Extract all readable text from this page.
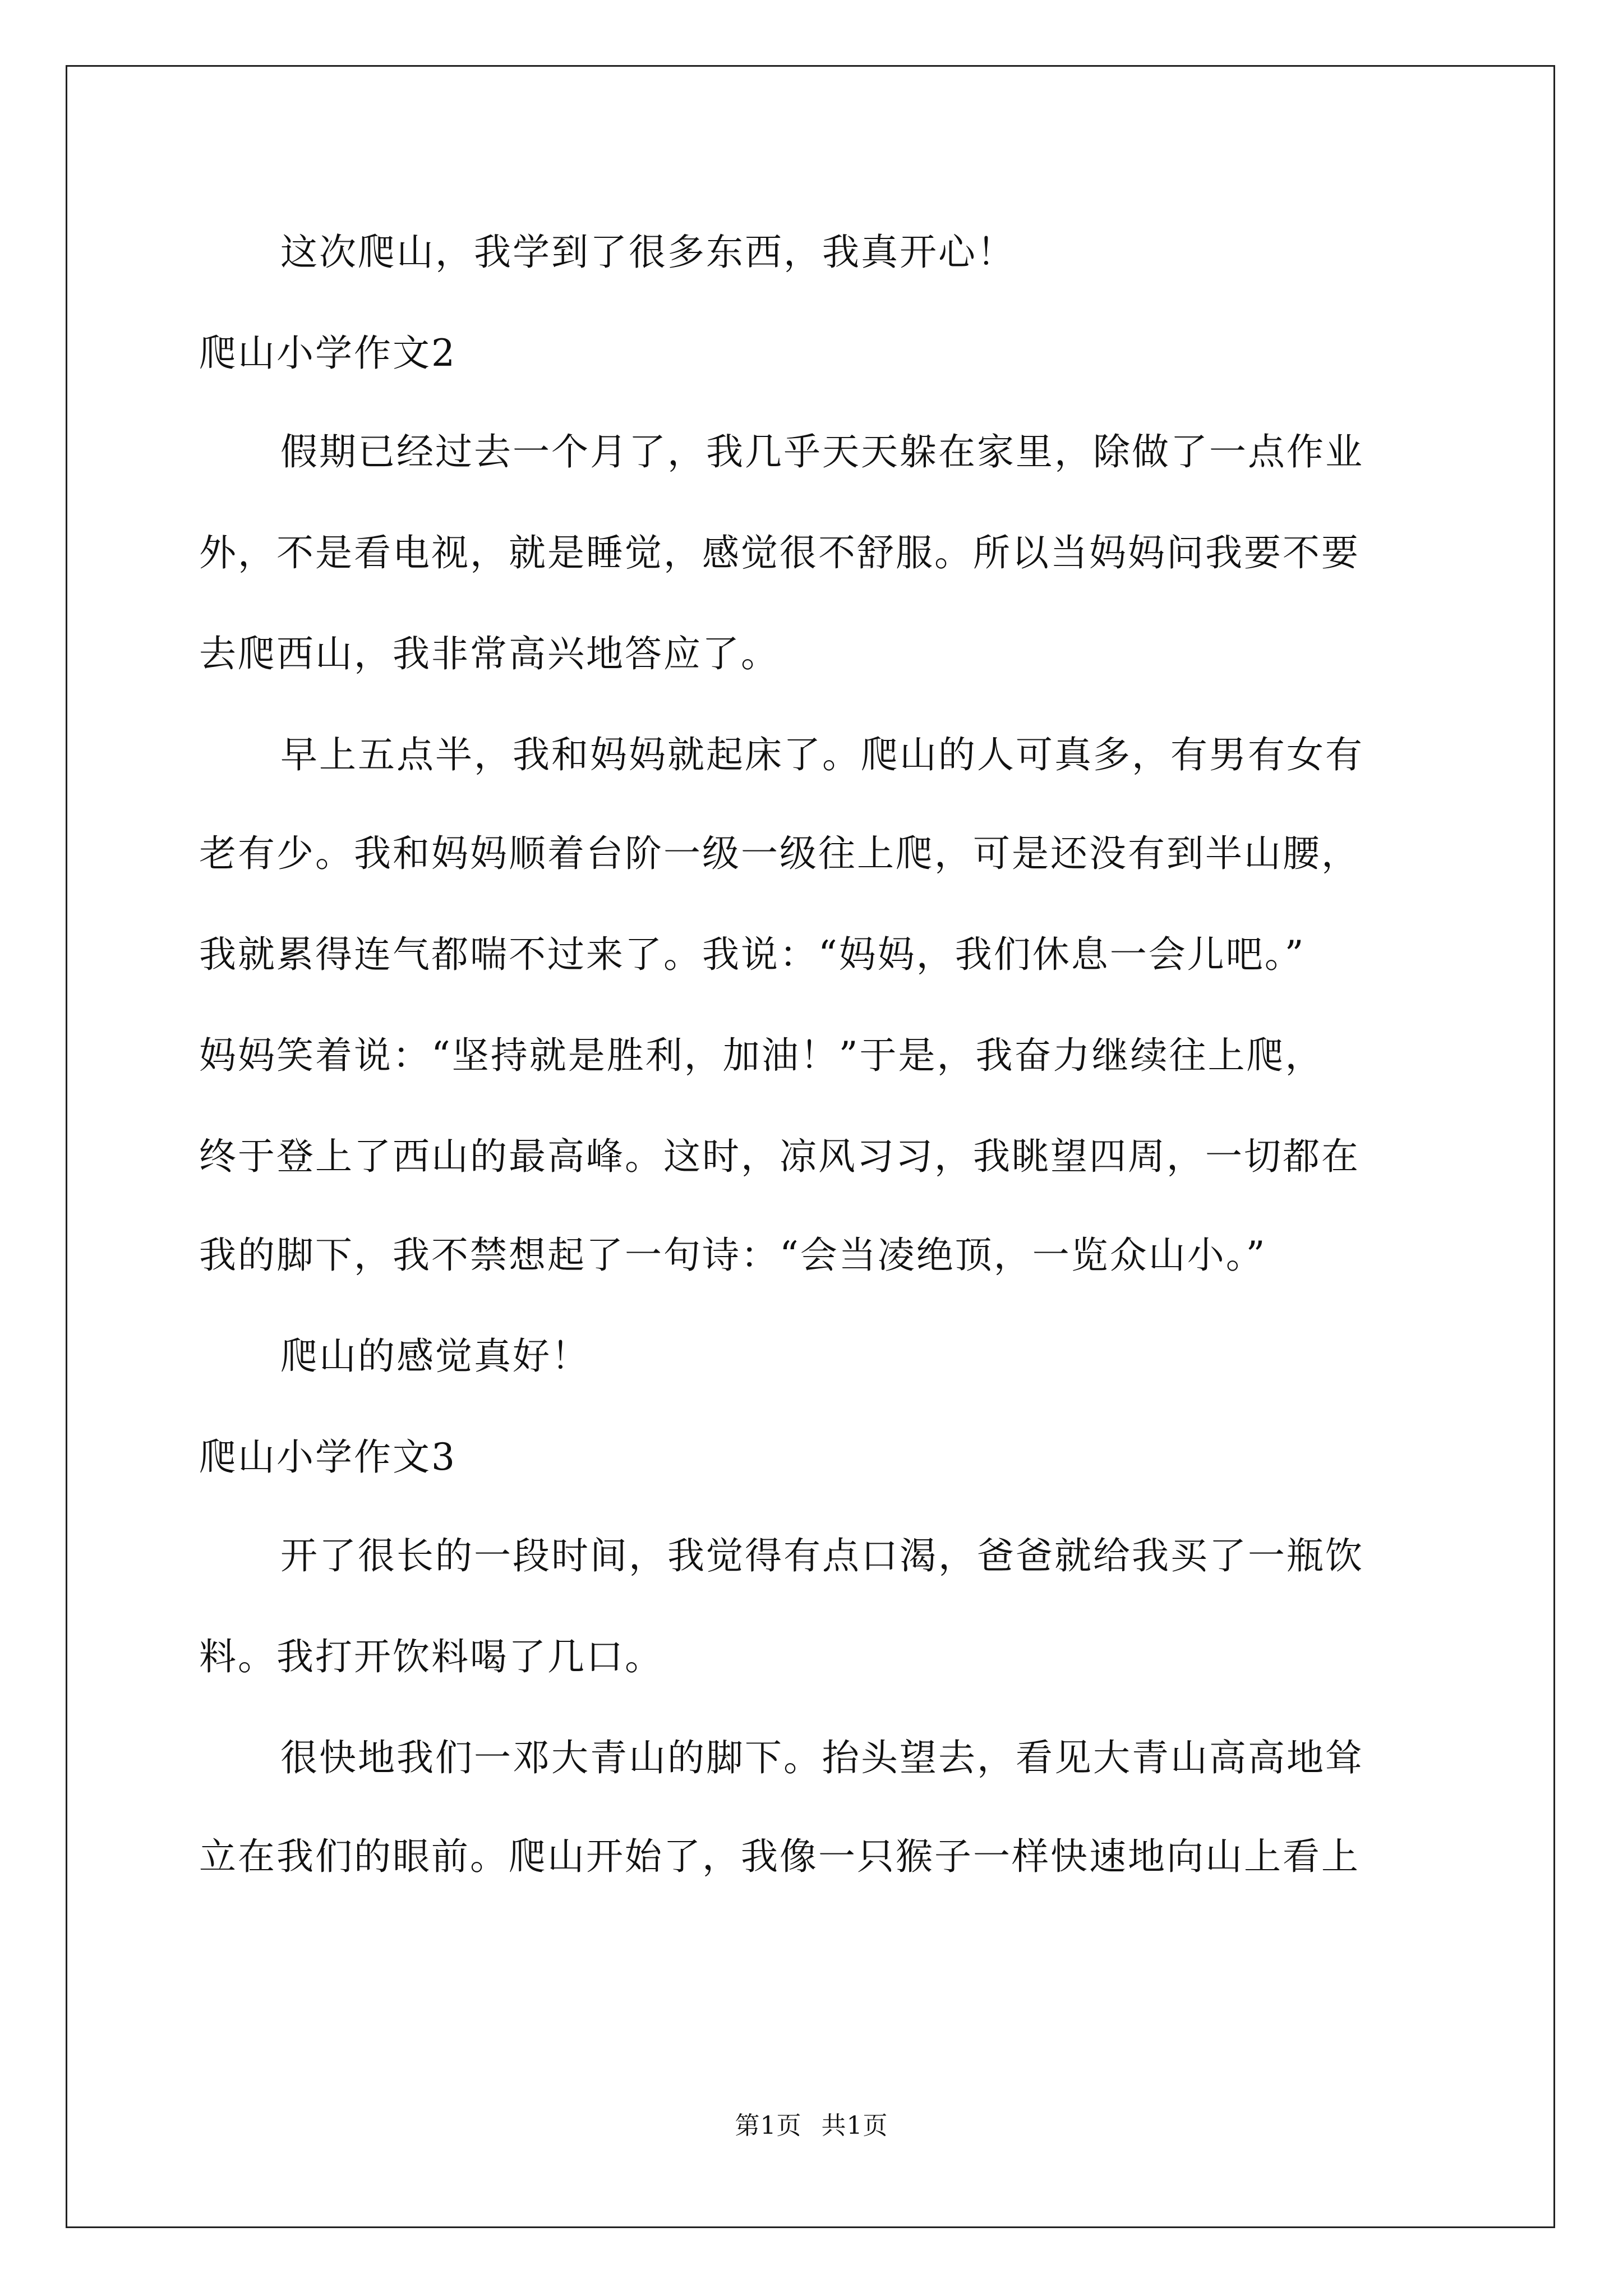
这次爬山，我学到了很多东西，我真开心！
爬山小学作文2
假期已经过去一个月了，我几乎天天躲在家里，除做了一点作业
外，不是看电视，就是睡觉，感觉很不舒服。所以当妈妈问我要不要
去爬西山，我非常高兴地答应了。
早上五点半，我和妈妈就起床了。爬山的人可真多，有男有女有
老有少。我和妈妈顺着台阶一级一级往上爬，可是还没有到半山腰，
我就累得连气都喘不过来了。我说：“妈妈，我们休息一会儿吧。”
妈妈笑着说：“坚持就是胜利，加油！”于是，我奋力继续往上爬，
终于登上了西山的最高峰。这时，凉风习习，我眺望四周，一切都在
我的脚下，我不禁想起了一句诗：“会当凌绝顶，一览众山小。”
爬山的感觉真好！
爬山小学作文3
开了很长的一段时间，我觉得有点口渴，爸爸就给我买了一瓶饮
料。我打开饮料喝了几口。
很快地我们一邓大青山的脚下。抬头望去，看见大青山高高地耸
立在我们的眼前。爬山开始了，我像一只猴子一样快速地向山上看上
第1页 共1页
